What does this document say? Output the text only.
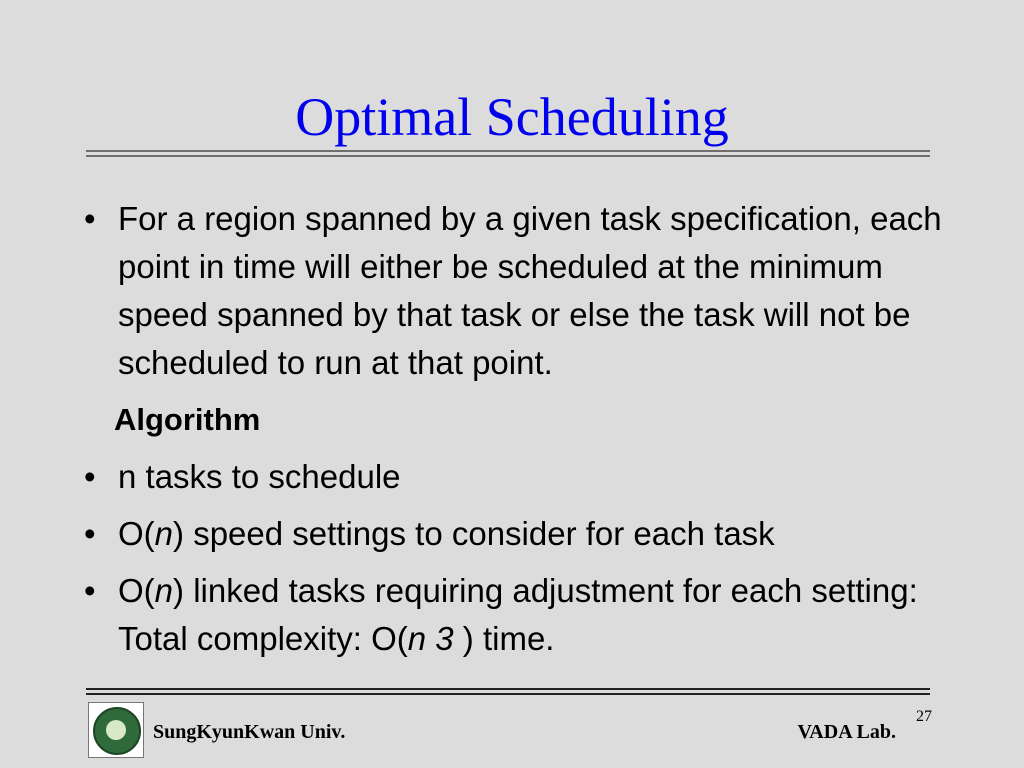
Optimal Scheduling
• For a region spanned by a given task specification, each point in time will either be scheduled at the minimum speed spanned by that task or else the task will not be scheduled to run at that point.
Algorithm
• n tasks to schedule
• O(n) speed settings to consider for each task
• O(n) linked tasks requiring adjustment for each setting: Total complexity: O(n 3 ) time.
SungKyunKwan Univ.
27
VADA Lab.
